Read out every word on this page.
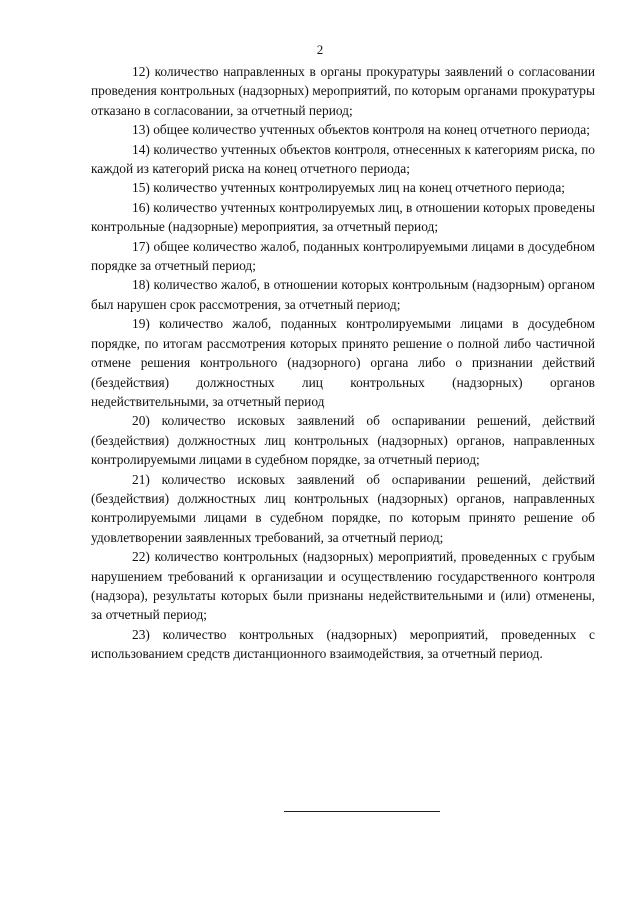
2

12) количество направленных в органы прокуратуры заявлений о согласовании проведения контрольных (надзорных) мероприятий, по которым органами прокуратуры отказано в согласовании, за отчетный период;

13) общее количество учтенных объектов контроля на конец отчетного периода;

14) количество учтенных объектов контроля, отнесенных к категориям риска, по каждой из категорий риска на конец отчетного периода;

15) количество учтенных контролируемых лиц на конец отчетного периода;

16) количество учтенных контролируемых лиц, в отношении которых проведены контрольные (надзорные) мероприятия, за отчетный период;

17) общее количество жалоб, поданных контролируемыми лицами в досудебном порядке за отчетный период;

18) количество жалоб, в отношении которых контрольным (надзорным) органом был нарушен срок рассмотрения, за отчетный период;

19) количество жалоб, поданных контролируемыми лицами в досудебном порядке, по итогам рассмотрения которых принято решение о полной либо частичной отмене решения контрольного (надзорного) органа либо о признании действий (бездействия) должностных лиц контрольных (надзорных) органов недействительными, за отчетный период

20) количество исковых заявлений об оспаривании решений, действий (бездействия) должностных лиц контрольных (надзорных) органов, направленных контролируемыми лицами в судебном порядке, за отчетный период;

21) количество исковых заявлений об оспаривании решений, действий (бездействия) должностных лиц контрольных (надзорных) органов, направленных контролируемыми лицами в судебном порядке, по которым принято решение об удовлетворении заявленных требований, за отчетный период;

22) количество контрольных (надзорных) мероприятий, проведенных с грубым нарушением требований к организации и осуществлению государственного контроля (надзора), результаты которых были признаны недействительными и (или) отменены, за отчетный период;

23) количество контрольных (надзорных) мероприятий, проведенных с использованием средств дистанционного взаимодействия, за отчетный период.
